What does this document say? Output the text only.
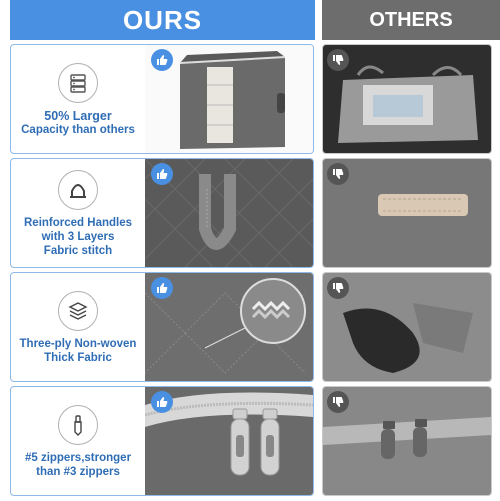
OURS	OTHERS
50% Larger
Capacity than others
Reinforced Handles
with 3 Layers
Fabric stitch
Three-ply Non-woven
Thick Fabric
#5 zippers,stronger
than #3 zippers
